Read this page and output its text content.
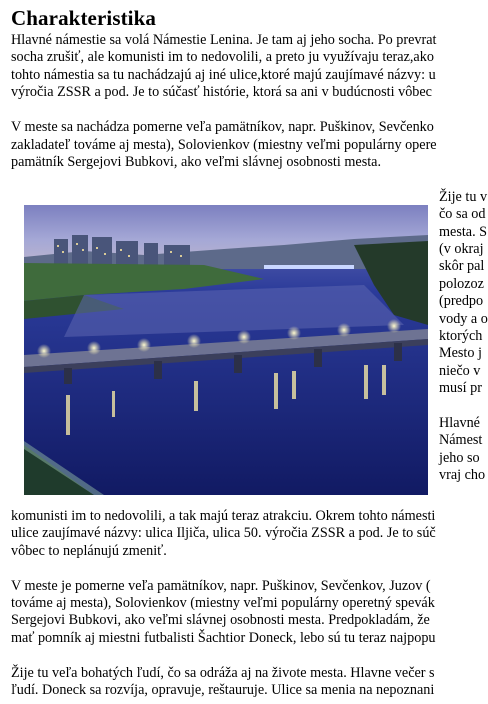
Charakteristika
Hlavné námestie sa volá Námestie Lenina. Je tam aj jeho socha. Po prevrat
socha zrušiť, ale komunisti im to nedovolili, a preto ju využívaju teraz,ako
tohto námestia sa tu nachádzajú aj iné ulice,ktoré majú zaujímavé názvy: u
výročia ZSSR a pod. Je to súčasť histórie, ktorá sa ani v budúcnosti vôbec
V meste sa nachádza pomerne veľa pamätníkov, napr. Puškinov, Sevčenko
zakladateľ továme aj mesta), Solovienkov (miestny veľmi populárny opere
pamätník Sergejovi Bubkovi, ako veľmi slávnej osobnosti mesta.
Žije tu v
čo sa od
mesta. S
(v okraj
skôr pal
polozoz
(predpo
vody a o
ktorých
Mesto j
niečo v
musí pr
Hlavné
Námest
jeho so
vraj cho
komunisti im to nedovolili, a tak majú teraz atrakciu. Okrem tohto námesti
ulice zaujímavé názvy: ulica Iljiča, ulica 50. výročia ZSSR a pod. Je to súč
vôbec to neplánujú zmeniť.
V meste je pomerne veľa pamätníkov, napr. Puškinov, Sevčenkov, Juzov (
továme aj mesta), Solovienkov (miestny veľmi populárny operetný spevák
Sergejovi Bubkovi, ako veľmi slávnej osobnosti mesta. Predpokladám, že
mať pomník aj miestni futbalisti Šachtior Doneck, lebo sú tu teraz najpopu
Žije tu veľa bohatých ľudí, čo sa odráža aj na živote mesta. Hlavne večer s
ľudí. Doneck sa rozvíja, opravuje, reštauruje. Ulice sa menia na nepoznani
